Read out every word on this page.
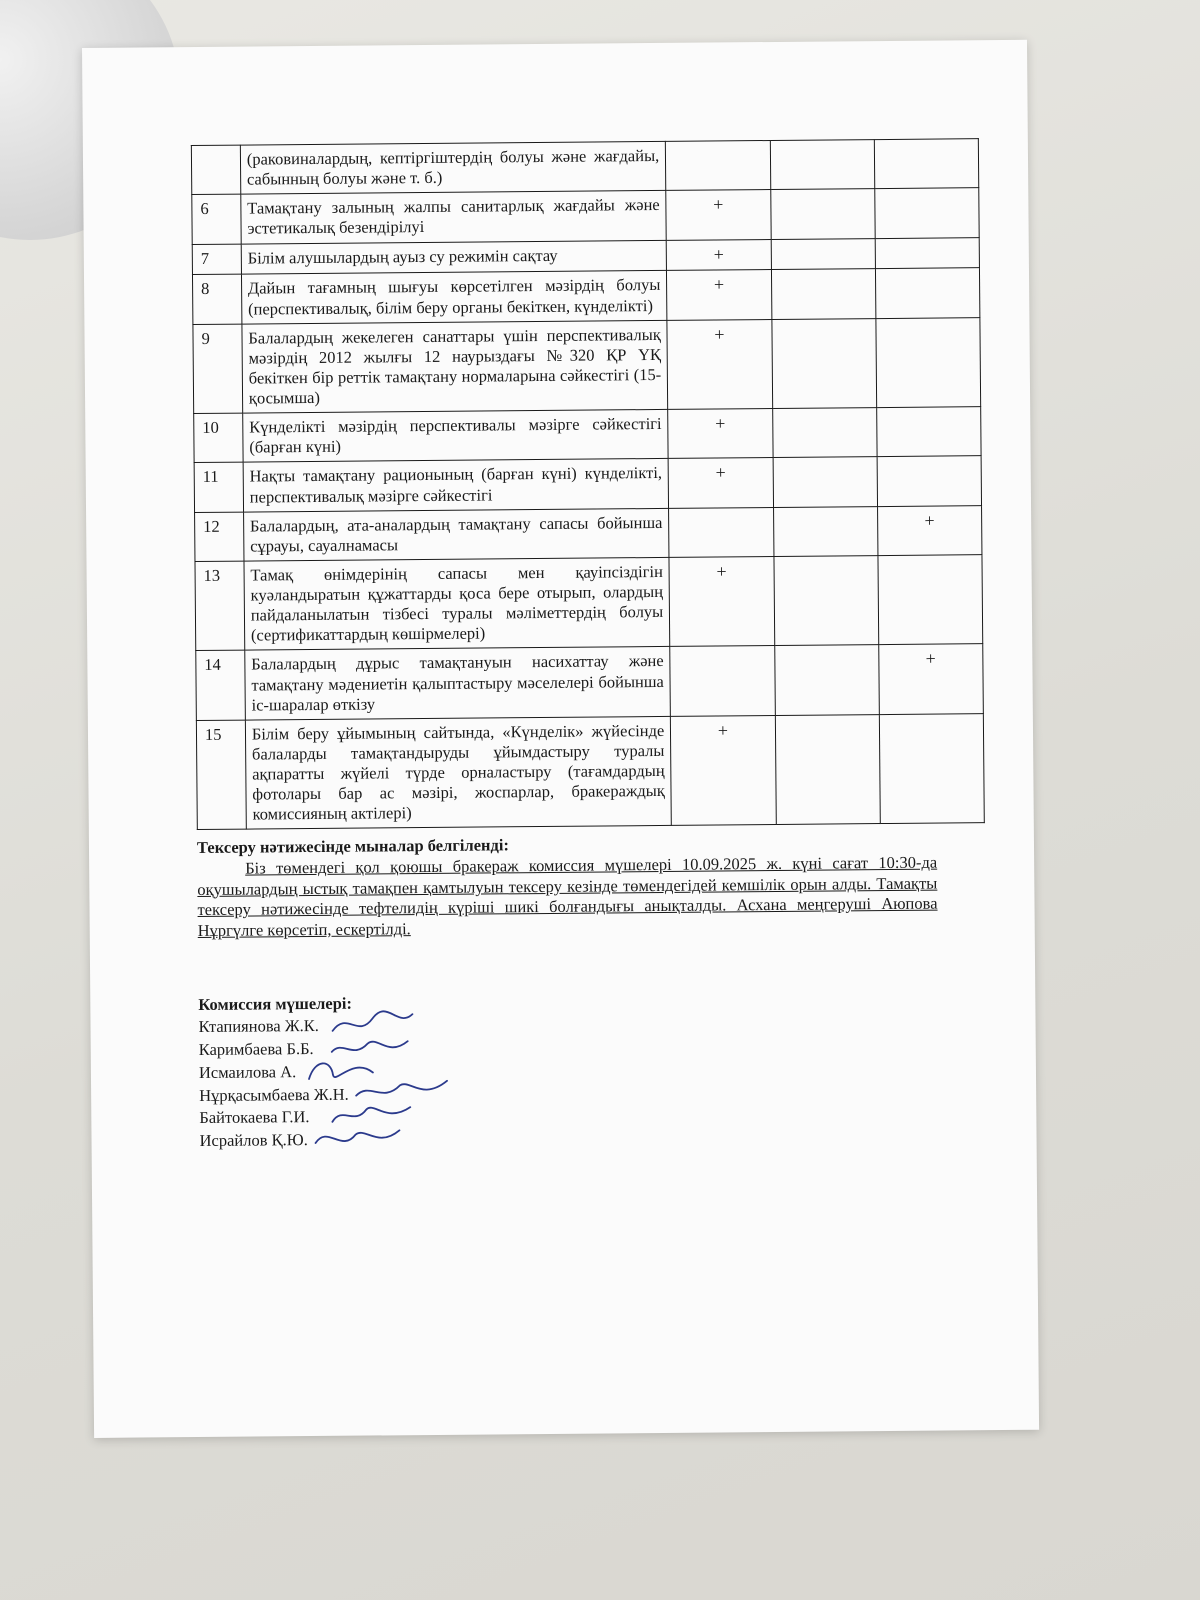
	(раковиналардың, кептіргіштердің болуы және жағдайы, сабынның болуы және т. б.)			
6	Тамақтану залының жалпы санитарлық жағдайы және эстетикалық безендірілуі	+		
7	Білім алушылардың ауыз су режимін сақтау	+		
8	Дайын тағамның шығуы көрсетілген мәзірдің болуы (перспективалық, білім беру органы бекіткен, күнделікті)	+		
9	Балалардың жекелеген санаттары үшін перспективалық мәзірдің 2012 жылғы 12 наурыздағы №320 ҚР ҮҚ бекіткен бір реттік тамақтану нормаларына сәйкестігі (15-қосымша)	+		
10	Күнделікті мәзірдің перспективалы мәзірге сәйкестігі (барған күні)	+		
11	Нақты тамақтану рационының (барған күні) күнделікті, перспективалық мәзірге сәйкестігі	+		
12	Балалардың, ата-аналардың тамақтану сапасы бойынша сұрауы, сауалнамасы			+
13	Тамақ өнімдерінің сапасы мен қауіпсіздігін куәландыратын құжаттарды қоса бере отырып, олардың пайдаланылатын тізбесі туралы мәліметтердің болуы (сертификаттардың көшірмелері)	+		
14	Балалардың дұрыс тамақтануын насихаттау және тамақтану мәдениетін қалыптастыру мәселелері бойынша іс-шаралар өткізу			+
15	Білім беру ұйымының сайтында, «Күнделік» жүйесінде балаларды тамақтандыруды ұйымдастыру туралы ақпаратты жүйелі түрде орналастыру (тағамдардың фотолары бар ас мәзірі, жоспарлар, бракераждық комиссияның актілері)	+		
Тексеру нәтижесінде мыналар белгіленді:
Біз төмендегі қол қоюшы бракераж комиссия мүшелері 10.09.2025 ж. күні сағат 10:30-да оқушылардың ыстық тамақпен қамтылуын тексеру кезінде төмендегідей кемшілік орын алды. Тамақты тексеру нәтижесінде тефтелидің күріші шикі болғандығы анықталды. Асхана меңгеруші Аюпова Нұргүлге көрсетіп, ескертілді.
Комиссия мүшелері:
Ктапиянова Ж.К.
Каримбаева Б.Б.
Исмаилова А.
Нұрқасымбаева Ж.Н.
Байтокаева Г.И.
Исрайлов Қ.Ю.
